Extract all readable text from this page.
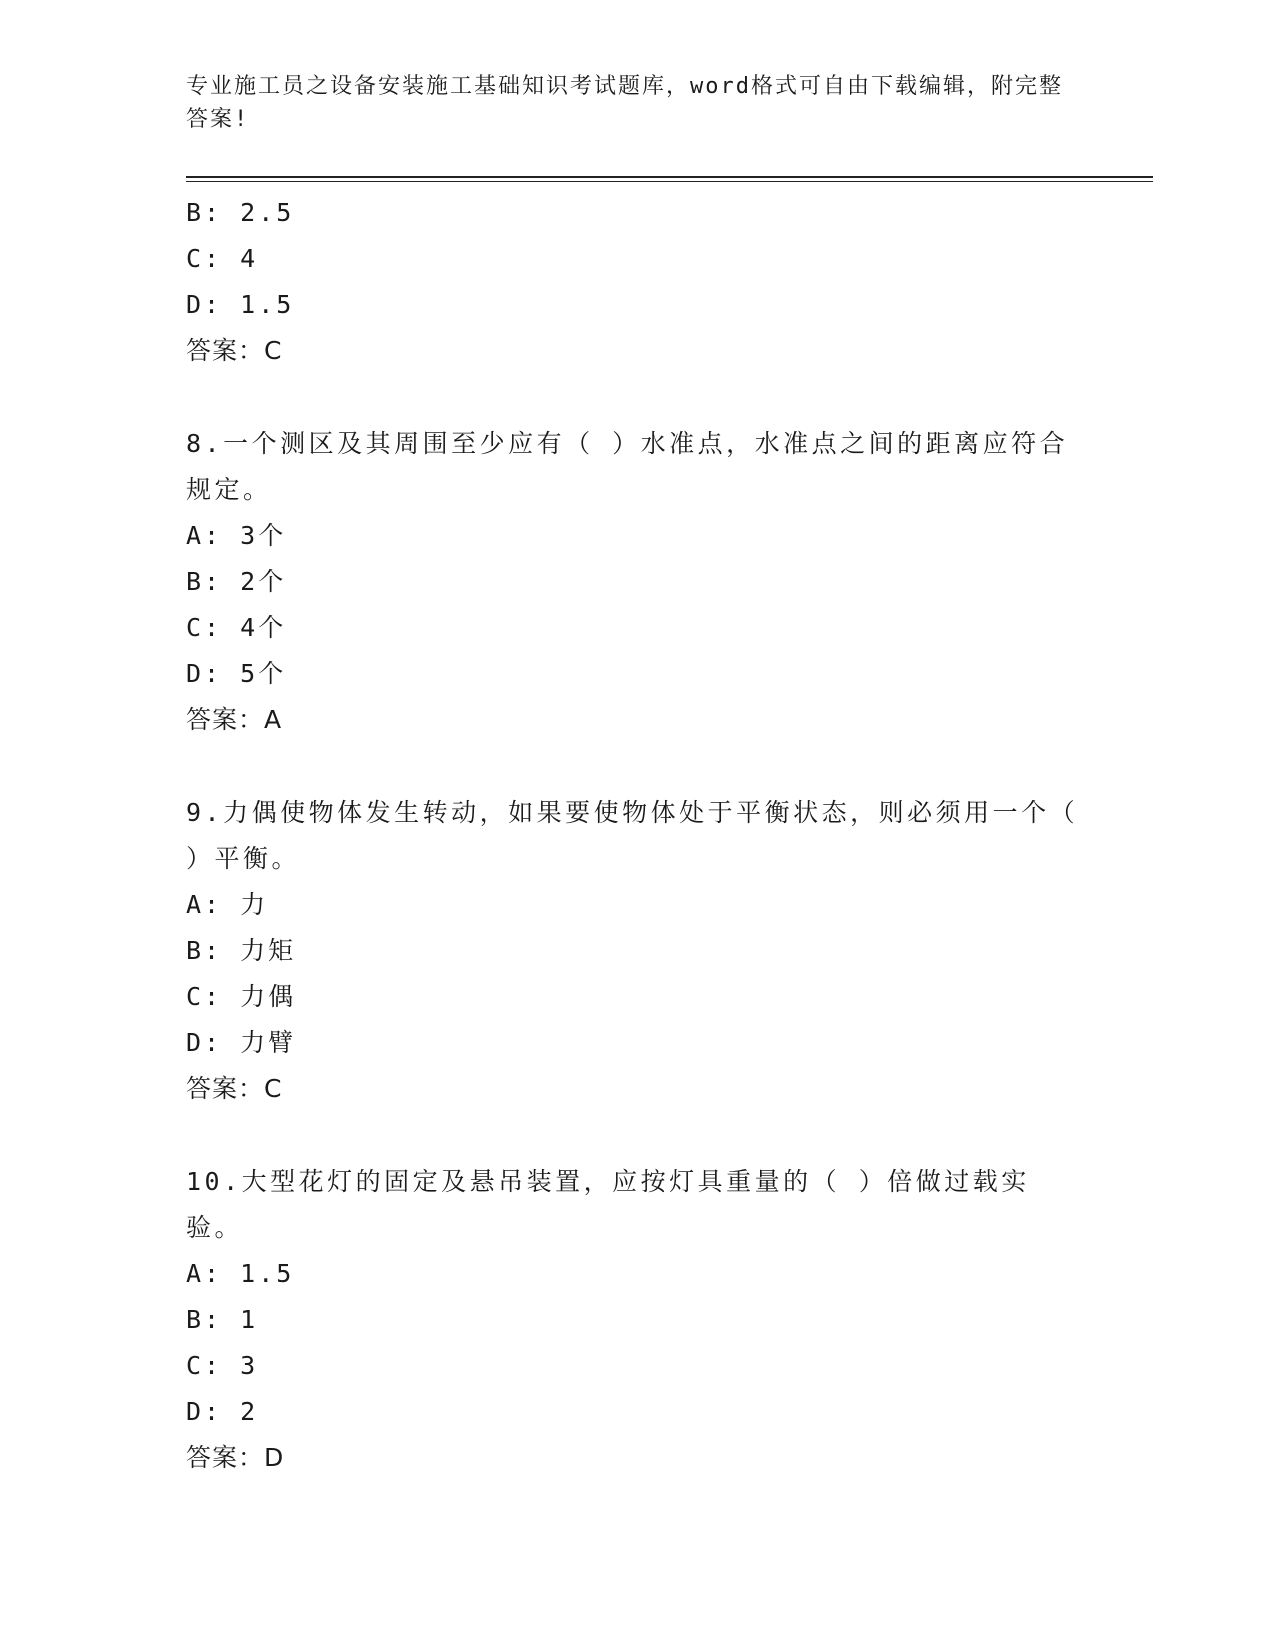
专业施工员之设备安装施工基础知识考试题库，word格式可自由下载编辑，附完整答案!
B: 2.5
C: 4
D: 1.5
答案：C
8.一个测区及其周围至少应有（ ）水准点，水准点之间的距离应符合规定。
A: 3个
B: 2个
C: 4个
D: 5个
答案：A
9.力偶使物体发生转动，如果要使物体处于平衡状态，则必须用一个（ ）平衡。
A: 力
B: 力矩
C: 力偶
D: 力臂
答案：C
10.大型花灯的固定及悬吊装置，应按灯具重量的（ ）倍做过载实验。
A: 1.5
B: 1
C: 3
D: 2
答案：D
